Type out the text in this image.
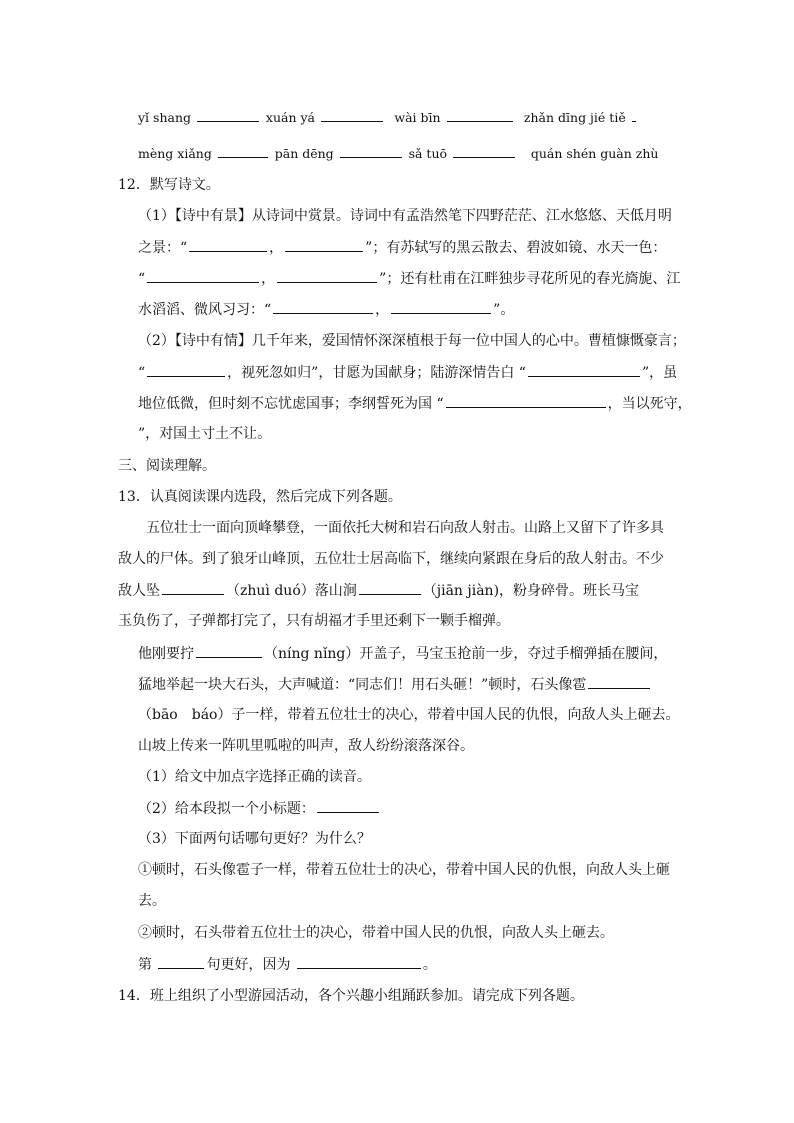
yǐ shang	xuán yá	wài bīn	zhǎn dīng jié tiě
mèng xiǎng	pān dēng	sǎ tuō	quán shén guàn zhù
12．默写诗文。
（1）【诗中有景】从诗词中赏景。诗词中有孟浩然笔下四野茫茫、江水悠悠、天低月明
之景：“	，	”；有苏轼写的黑云散去、碧波如镜、水天一色：
“	，	”；还有杜甫在江畔独步寻花所见的春光旖旎、江
水滔滔、微风习习：“	，	”。
（2）【诗中有情】几千年来，爱国情怀深深植根于每一位中国人的心中。曹植慷慨豪言；
“	，视死忽如归”，甘愿为国献身；陆游深情告白 “	”，虽
地位低微，但时刻不忘忧虑国事；李纲誓死为国 “	，当以死守，
”，对国土寸土不让。
三、阅读理解。
13．认真阅读课内选段，然后完成下列各题。
五位壮士一面向顶峰攀登，一面依托大树和岩石向敌人射击。山路上又留下了许多具
敌人的尸体。到了狼牙山峰顶，五位壮士居高临下，继续向紧跟在身后的敌人射击。不少
敌人坠	（zhuì duó）落山涧	（jiān jiàn)，粉身碎骨。班长马宝
玉负伤了，子弹都打完了，只有胡福才手里还剩下一颗手榴弹。
他刚要拧	（níng nǐng）开盖子，马宝玉抢前一步，夺过手榴弹插在腰间，
猛地举起一块大石头，大声喊道：“同志们！用石头砸！”顿时，石头像雹
（bāo　báo）子一样，带着五位壮士的决心，带着中国人民的仇恨，向敌人头上砸去。
山坡上传来一阵叽里呱啦的叫声，敌人纷纷滚落深谷。
（1）给文中加点字选择正确的读音。
（2）给本段拟一个小标题：
（3）下面两句话哪句更好？为什么？
①顿时，石头像雹子一样，带着五位壮士的决心，带着中国人民的仇恨，向敌人头上砸
去。
②顿时，石头带着五位壮士的决心，带着中国人民的仇恨，向敌人头上砸去。
第	句更好，因为	。
14．班上组织了小型游园活动，各个兴趣小组踊跃参加。请完成下列各题。
